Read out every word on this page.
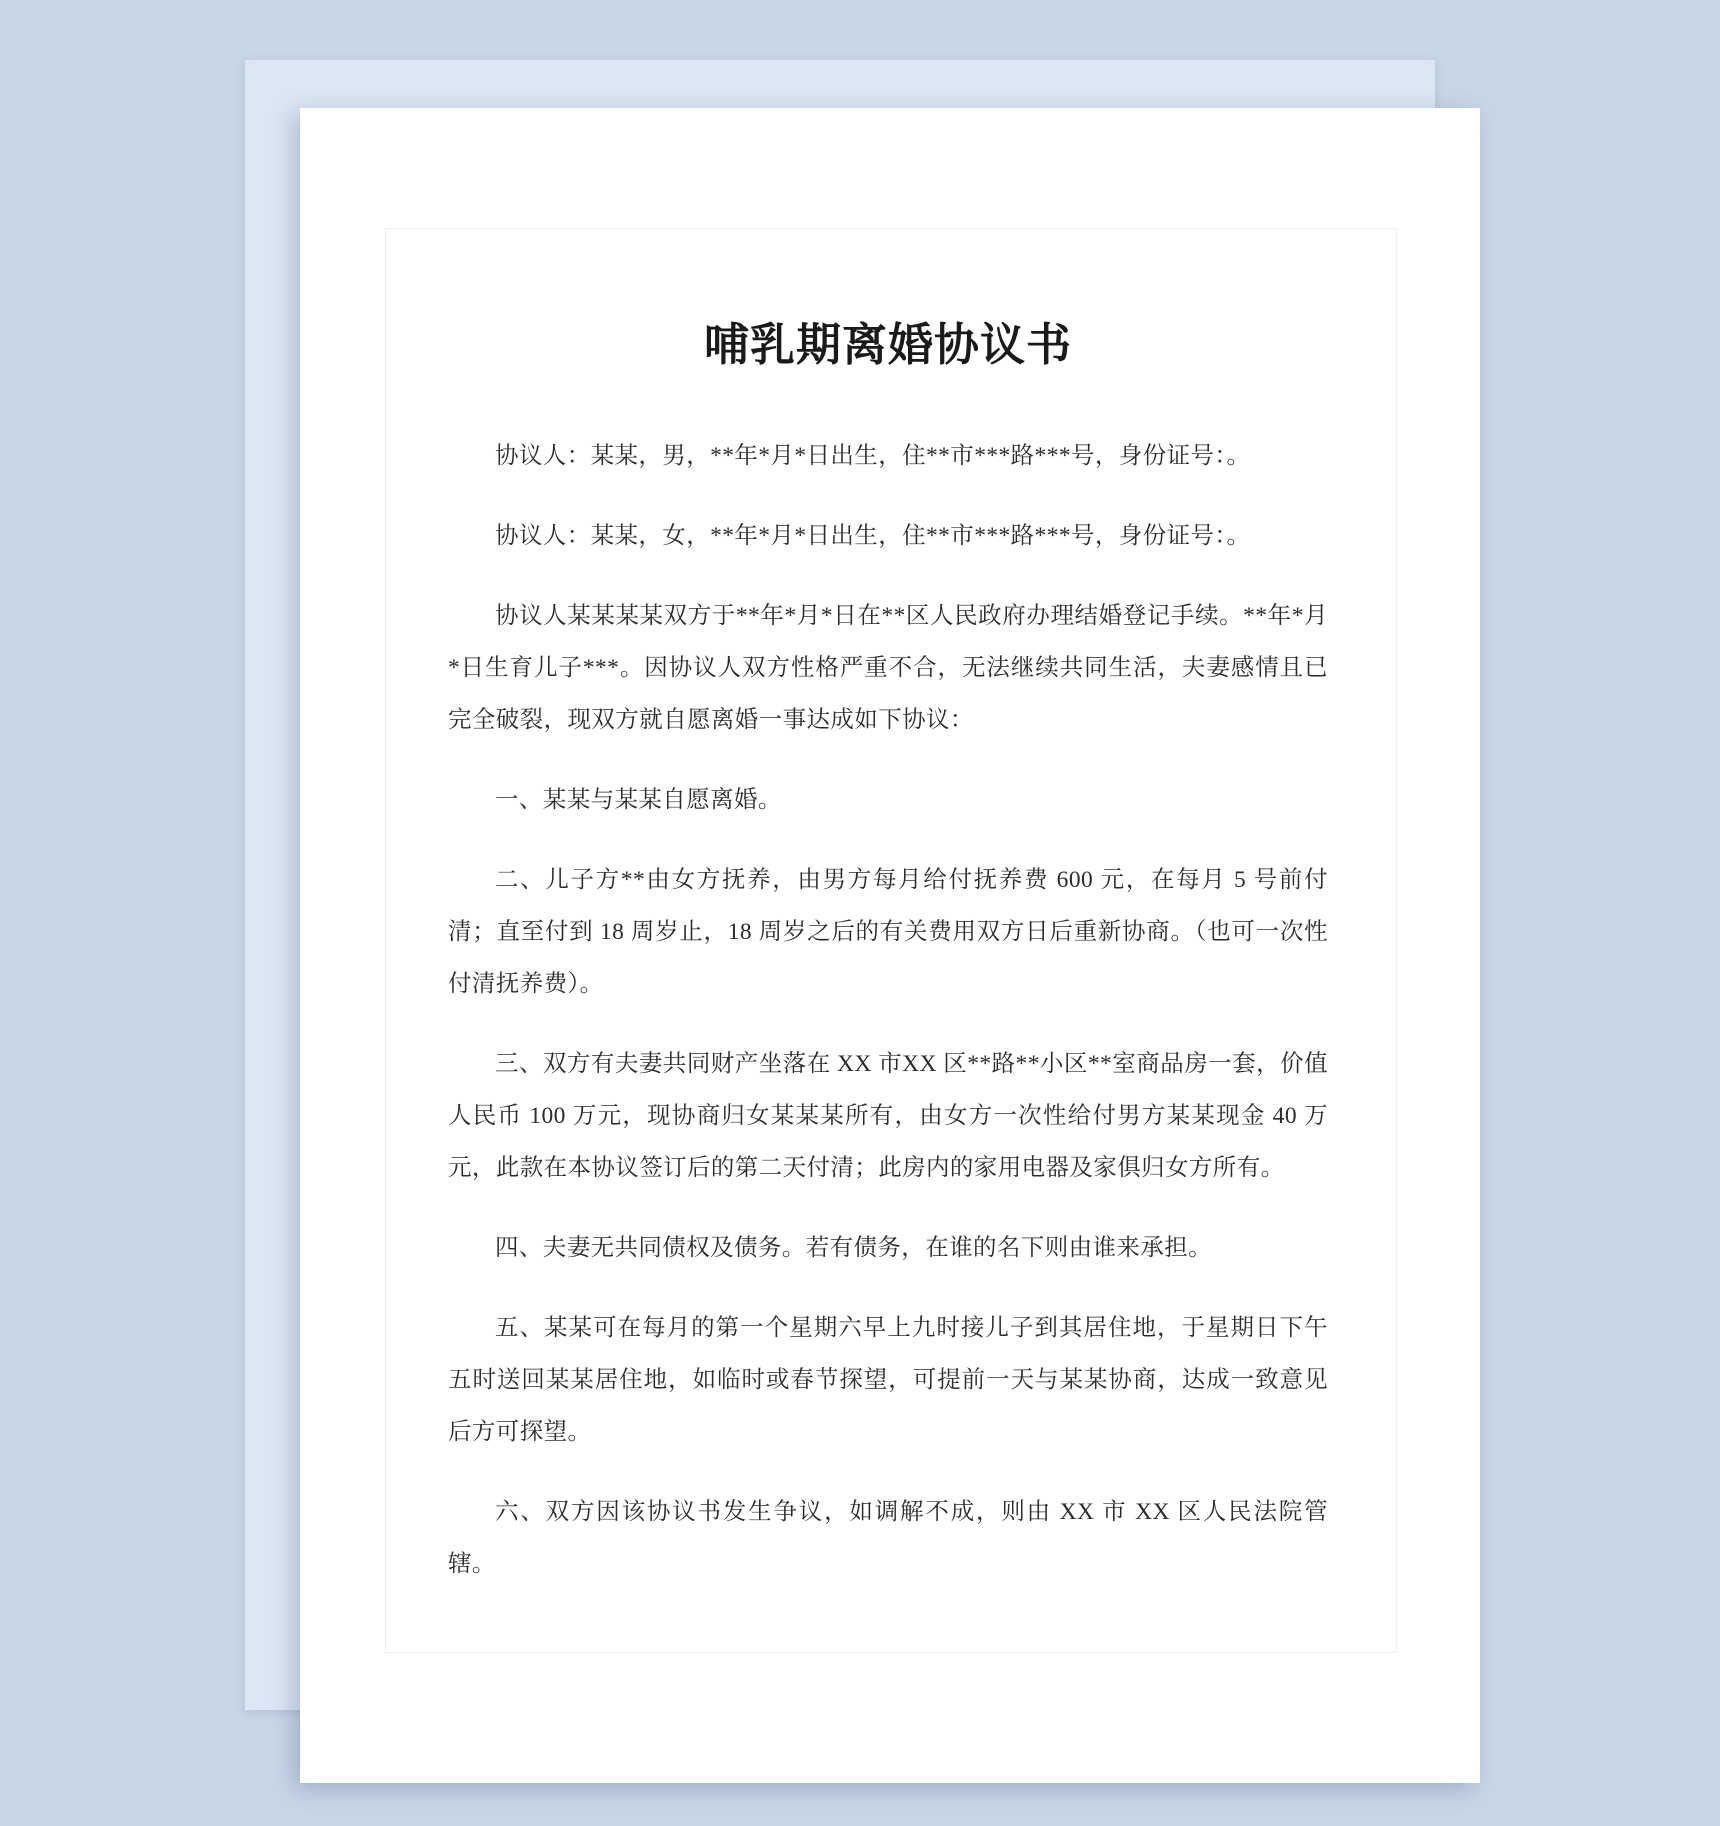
哺乳期离婚协议书

协议人：某某，男，**年*月*日出生，住**市***路***号，身份证号：。

协议人：某某，女，**年*月*日出生，住**市***路***号，身份证号：。

协议人某某某某双方于**年*月*日在**区人民政府办理结婚登记手续。**年*月*日生育儿子***。因协议人双方性格严重不合，无法继续共同生活，夫妻感情且已完全破裂，现双方就自愿离婚一事达成如下协议：

一、某某与某某自愿离婚。

二、儿子方**由女方抚养，由男方每月给付抚养费 600 元，在每月 5 号前付清；直至付到 18 周岁止，18 周岁之后的有关费用双方日后重新协商。（也可一次性付清抚养费）。

三、双方有夫妻共同财产坐落在 XX 市XX 区**路**小区**室商品房一套，价值人民币 100 万元，现协商归女某某某所有，由女方一次性给付男方某某现金 40 万元，此款在本协议签订后的第二天付清；此房内的家用电器及家俱归女方所有。

四、夫妻无共同债权及债务。若有债务，在谁的名下则由谁来承担。

五、某某可在每月的第一个星期六早上九时接儿子到其居住地，于星期日下午五时送回某某居住地，如临时或春节探望，可提前一天与某某协商，达成一致意见后方可探望。

六、双方因该协议书发生争议，如调解不成，则由 XX 市 XX 区人民法院管辖。
